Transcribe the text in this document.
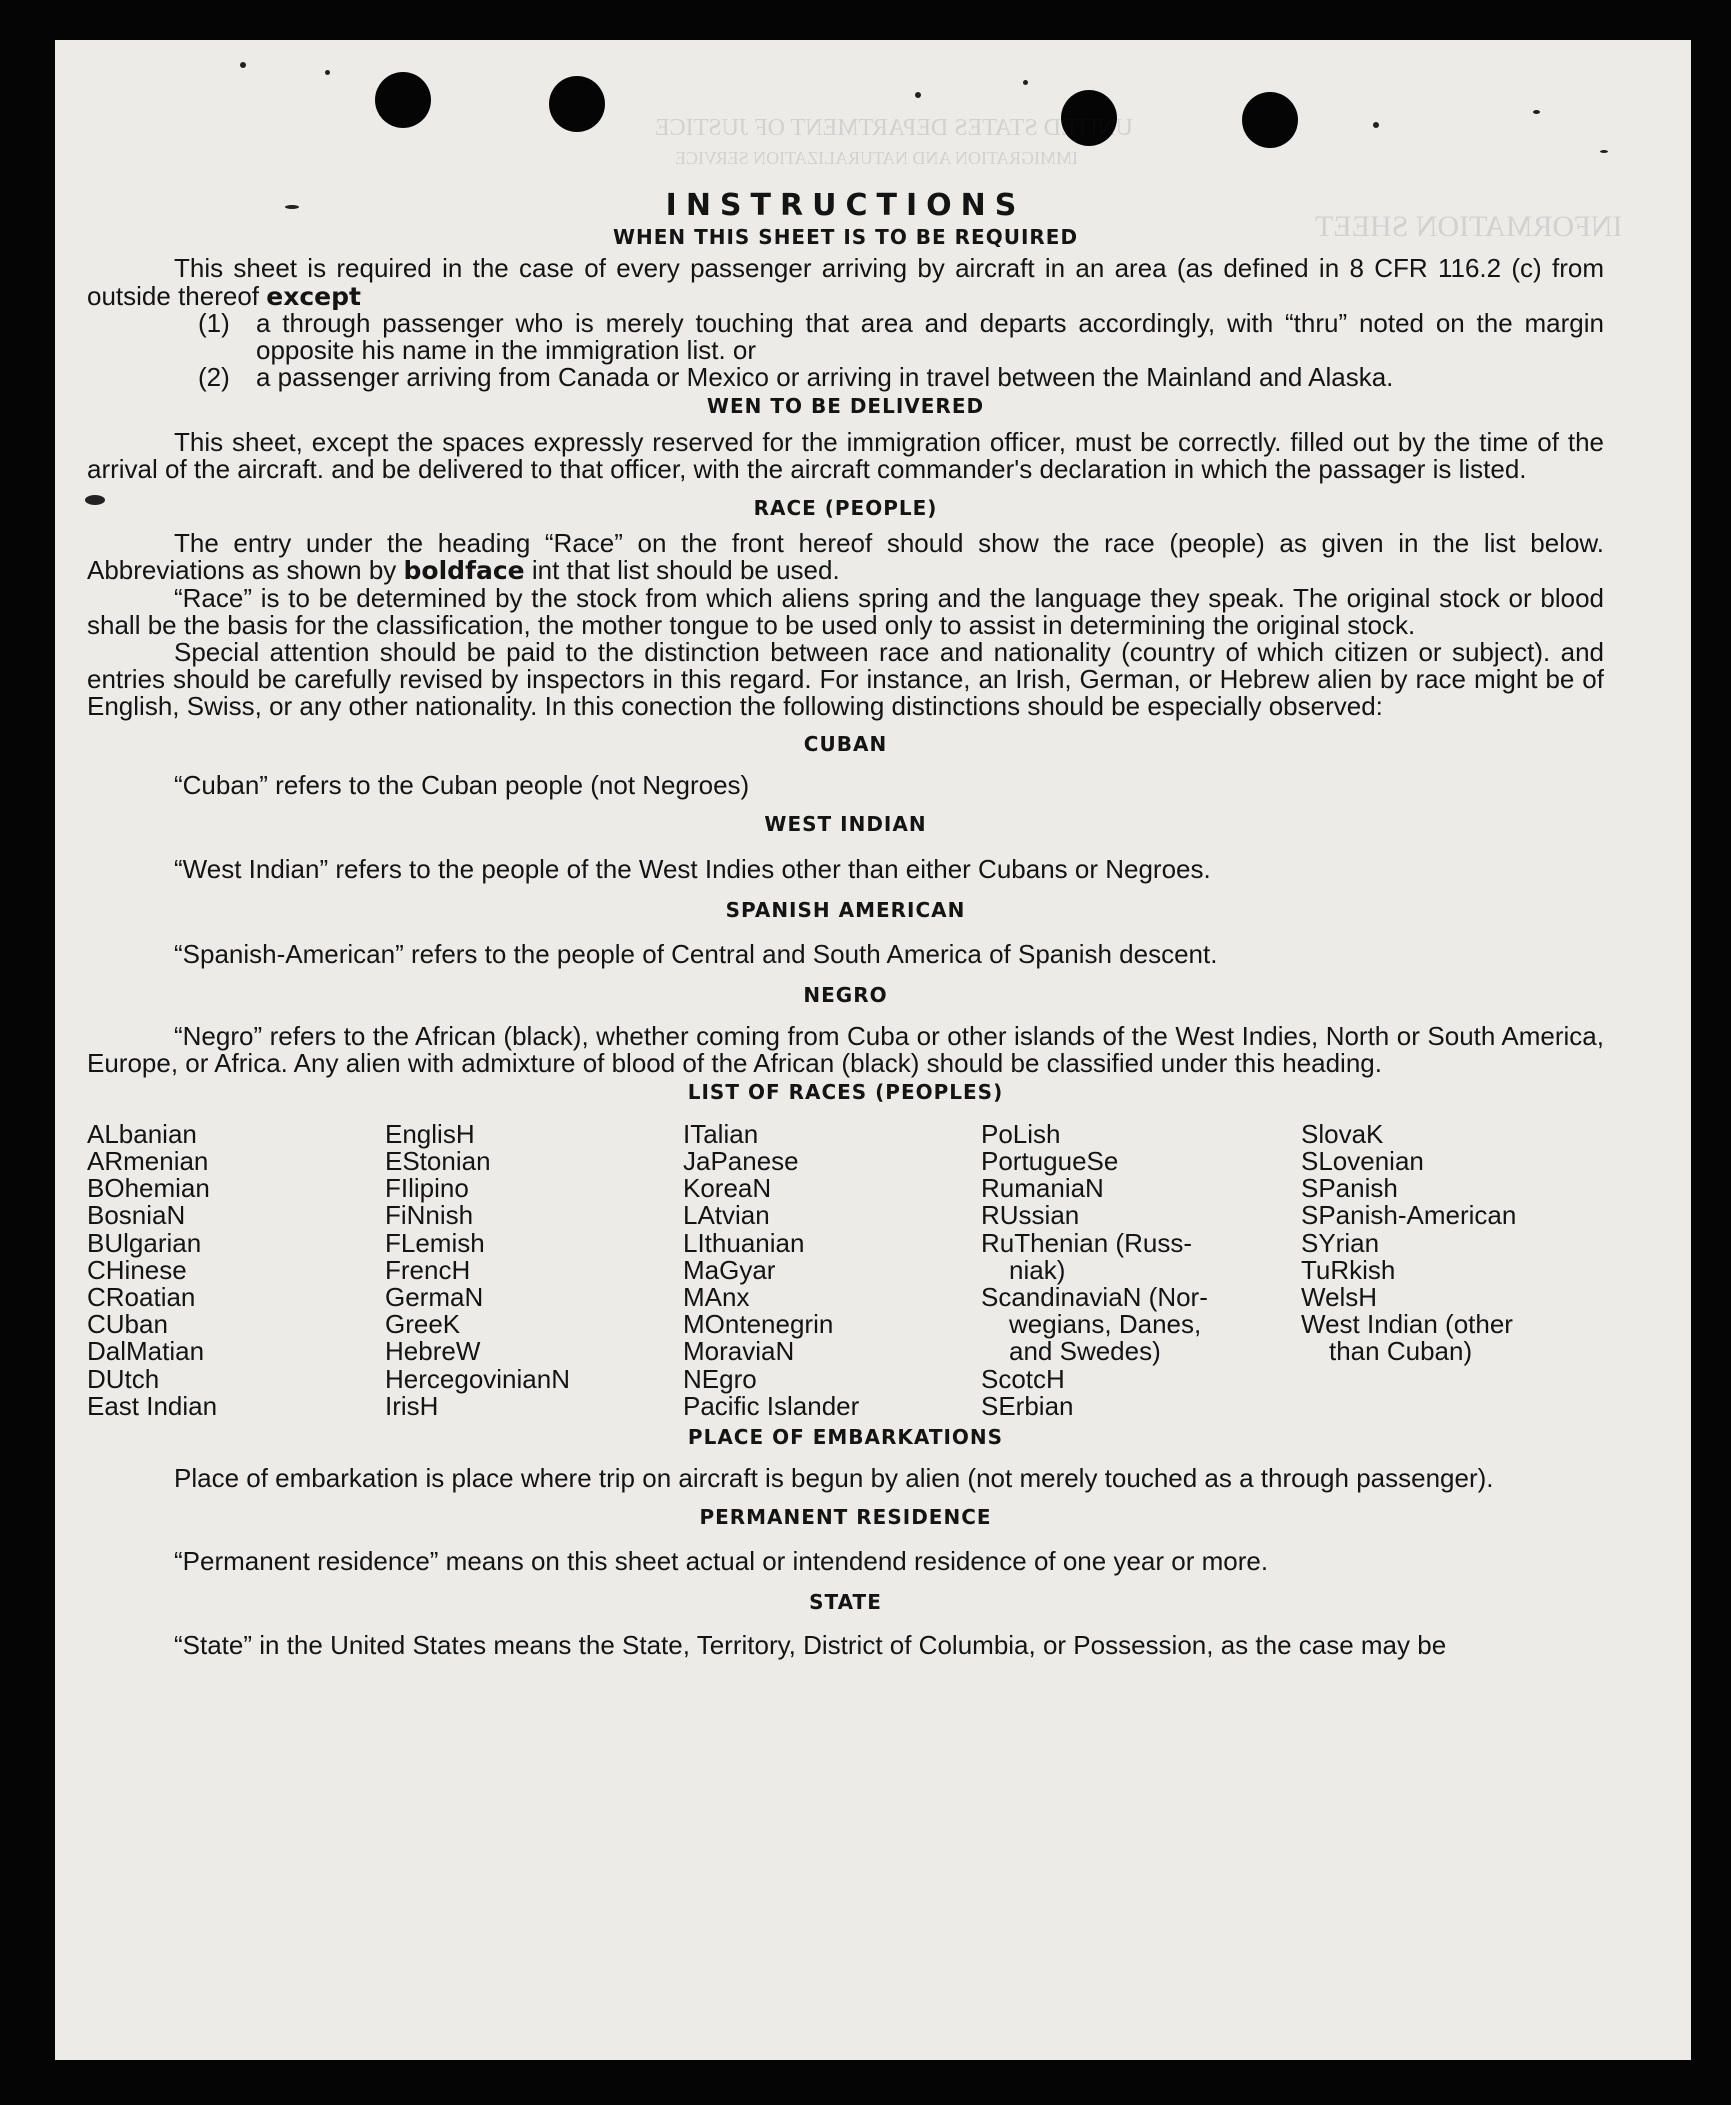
UNITED STATES DEPARTMENT OF JUSTICE
IMMIGRATION AND NATURALIZATION SERVICE
INFORMATION SHEET
INSTRUCTIONS
WHEN THIS SHEET IS TO BE REQUIRED

This sheet is required in the case of every passenger arriving by aircraft in an area (as defined in 8 CFR 116.2 (c) from outside thereof except

(1)	a through passenger who is merely touching that area and departs accordingly, with “thru” noted on the margin opposite his name in the immigration list. or
(2)	a passenger arriving from Canada or Mexico or arriving in travel between the Mainland and Alaska.
WEN TO BE DELIVERED

This sheet, except the spaces expressly reserved for the immigration officer, must be correctly. filled out by the time of the arrival of the aircraft. and be delivered to that officer, with the aircraft commander's declaration in which the passager is listed.

RACE (PEOPLE)

The entry under the heading “Race” on the front hereof should show the race (people) as given in the list below. Abbreviations as shown by boldface int that list should be used.

“Race” is to be determined by the stock from which aliens spring and the language they speak. The original stock or blood shall be the basis for the classification, the mother tongue to be used only to assist in determining the original stock.

Special attention should be paid to the distinction between race and nationality (country of which citizen or subject). and entries should be carefully revised by inspectors in this regard. For instance, an Irish, German, or Hebrew alien by race might be of English, Swiss, or any other nationality. In this conection the following distinctions should be especially observed:

CUBAN

“Cuban” refers to the Cuban people (not Negroes)

WEST INDIAN

“West Indian” refers to the people of the West Indies other than either Cubans or Negroes.

SPANISH AMERICAN

“Spanish-American” refers to the people of Central and South America of Spanish descent.

NEGRO

“Negro” refers to the African (black), whether coming from Cuba or other islands of the West Indies, North or South America, Europe, or Africa. Any alien with admixture of blood of the African (black) should be classified under this heading.

LIST OF RACES (PEOPLES)
ALbanian
ARmenian
BOhemian
BosniaN
BUlgarian
CHinese
CRoatian
CUban
DalMatian
DUtch
East Indian
EnglisH
EStonian
FIlipino
FiNnish
FLemish
FrencH
GermaN
GreeK
HebreW
HercegovinianN
IrisH
ITalian
JaPanese
KoreaN
LAtvian
LIthuanian
MaGyar
MAnx
MOntenegrin
MoraviaN
NEgro
Pacific Islander
PoLish
PortugueSe
RumaniaN
RUssian
RuThenian (Russ-
niak)
ScandinaviaN (Nor-
wegians, Danes,
and Swedes)
ScotcH
SErbian
SlovaK
SLovenian
SPanish
SPanish-American
SYrian
TuRkish
WelsH
West Indian (other
than Cuban)
PLACE OF EMBARKATIONS

Place of embarkation is place where trip on aircraft is begun by alien (not merely touched as a through passenger).

PERMANENT RESIDENCE

“Permanent residence” means on this sheet actual or intendend residence of one year or more.

STATE

“State” in the United States means the State, Territory, District of Columbia, or Possession, as the case may be
